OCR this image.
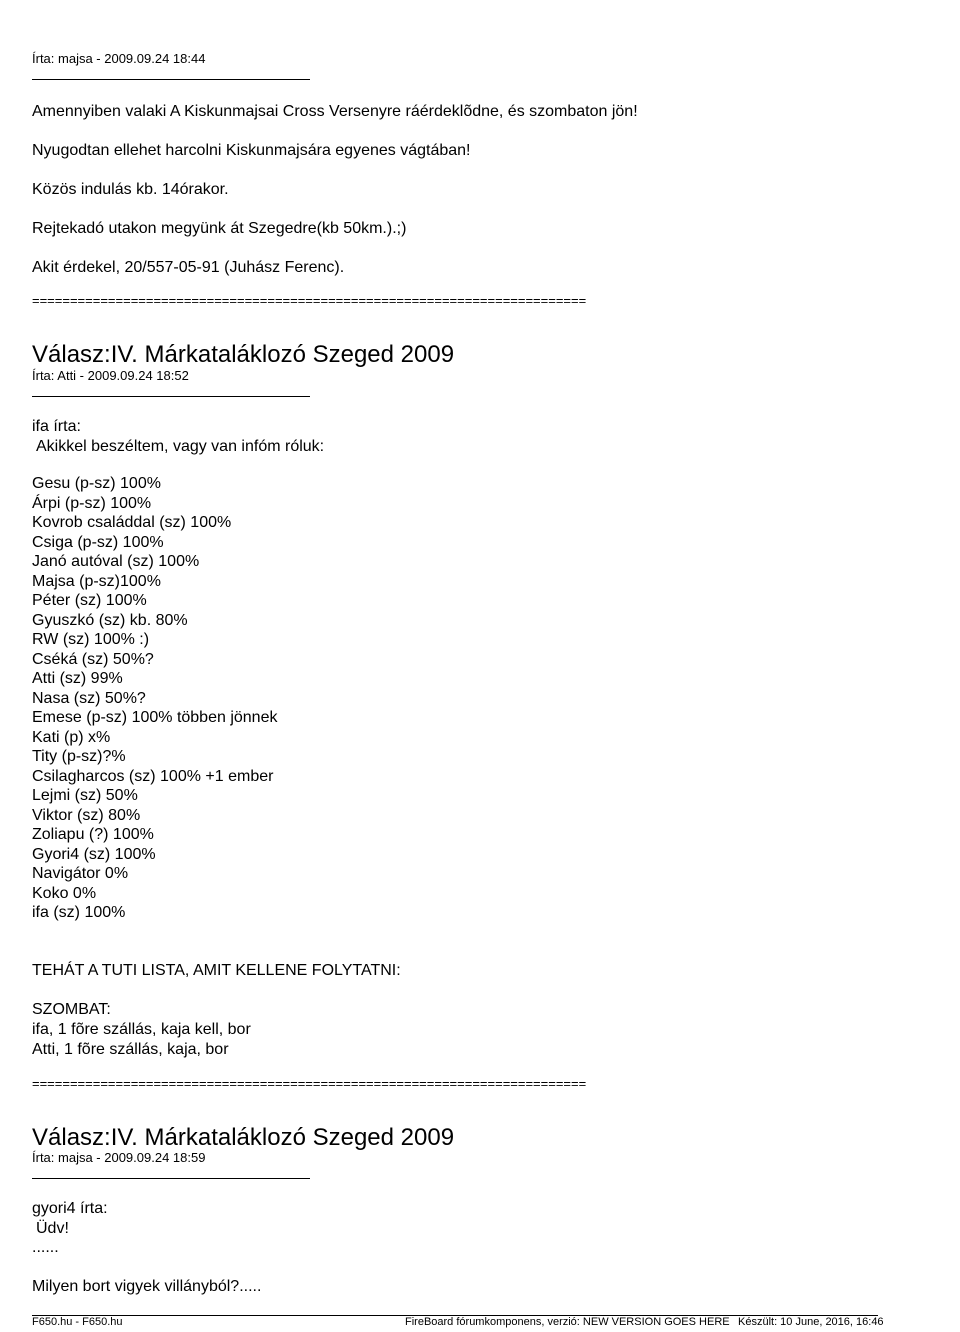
Írta: majsa - 2009.09.24 18:44
Amennyiben valaki A Kiskunmajsai Cross Versenyre ráérdeklõdne, és szombaton jön!
Nyugodtan ellehet harcolni Kiskunmajsára egyenes vágtában!
Közös indulás kb. 14órakor.
Rejtekadó utakon megyünk át Szegedre(kb 50km.).;)
Akit érdekel, 20/557-05-91 (Juhász Ferenc).
=========================================================================
Válasz:IV. Márkataláklozó Szeged 2009
Írta: Atti - 2009.09.24 18:52
ifa írta:
Akikkel beszéltem, vagy van infóm róluk:
Gesu (p-sz) 100%
Árpi (p-sz) 100%
Kovrob családdal (sz) 100%
Csiga (p-sz) 100%
Janó autóval (sz) 100%
Majsa (p-sz)100%
Péter (sz) 100%
Gyuszkó (sz) kb. 80%
RW (sz) 100% :)
Cséká (sz) 50%?
Atti (sz) 99%
Nasa (sz) 50%?
Emese (p-sz) 100% többen jönnek
Kati (p) x%
Tity (p-sz)?%
Csilagharcos (sz) 100% +1 ember
Lejmi (sz) 50%
Viktor (sz) 80%
Zoliapu (?) 100%
Gyori4 (sz) 100%
Navigátor 0%
Koko 0%
ifa (sz) 100%
TEHÁT A TUTI LISTA, AMIT KELLENE FOLYTATNI:
SZOMBAT:
ifa, 1 fõre szállás, kaja kell, bor
Atti, 1 fõre szállás, kaja, bor
=========================================================================
Válasz:IV. Márkataláklozó Szeged 2009
Írta: majsa - 2009.09.24 18:59
gyori4 írta:
Üdv!
......
Milyen bort vigyek villányból?.....
F650.hu - F650.hu	FireBoard fórumkomponens, verzió: NEW VERSION GOES HERE Készült: 10 June, 2016, 16:46
